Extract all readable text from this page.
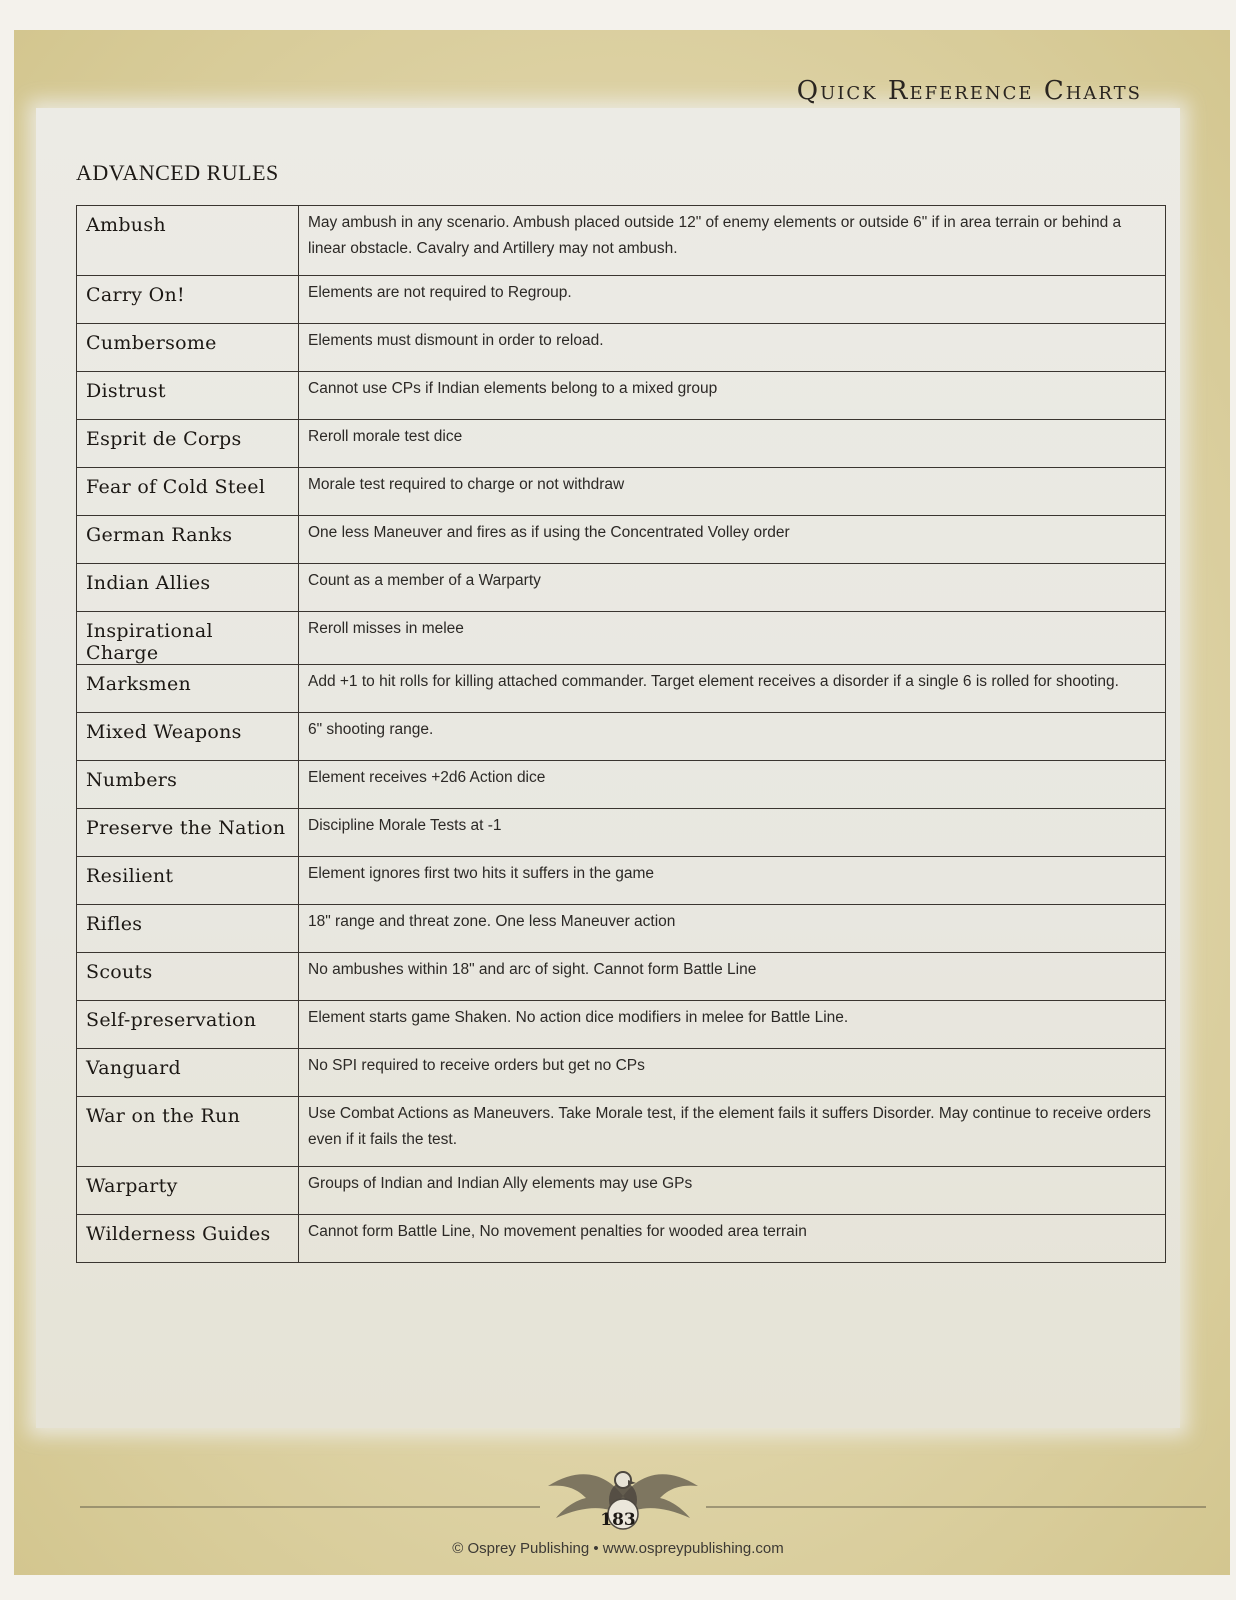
Quick Reference Charts
ADVANCED RULES
Ambush	May ambush in any scenario. Ambush placed outside 12" of enemy elements or outside 6" if in area terrain or behind a linear obstacle. Cavalry and Artillery may not ambush.
Carry On!	Elements are not required to Regroup.
Cumbersome	Elements must dismount in order to reload.
Distrust	Cannot use CPs if Indian elements belong to a mixed group
Esprit de Corps	Reroll morale test dice
Fear of Cold Steel	Morale test required to charge or not withdraw
German Ranks	One less Maneuver and fires as if using the Concentrated Volley order
Indian Allies	Count as a member of a Warparty
Inspirational Charge	Reroll misses in melee
Marksmen	Add +1 to hit rolls for killing attached commander. Target element receives a disorder if a single 6 is rolled for shooting.
Mixed Weapons	6" shooting range.
Numbers	Element receives +2d6 Action dice
Preserve the Nation	Discipline Morale Tests at -1
Resilient	Element ignores first two hits it suffers in the game
Rifles	18" range and threat zone. One less Maneuver action
Scouts	No ambushes within 18" and arc of sight. Cannot form Battle Line
Self-preservation	Element starts game Shaken. No action dice modifiers in melee for Battle Line.
Vanguard	No SPI required to receive orders but get no CPs
War on the Run	Use Combat Actions as Maneuvers. Take Morale test, if the element fails it suffers Disorder. May continue to receive orders even if it fails the test.
Warparty	Groups of Indian and Indian Ally elements may use GPs
Wilderness Guides	Cannot form Battle Line, No movement penalties for wooded area terrain
183
© Osprey Publishing • www.ospreypublishing.com
